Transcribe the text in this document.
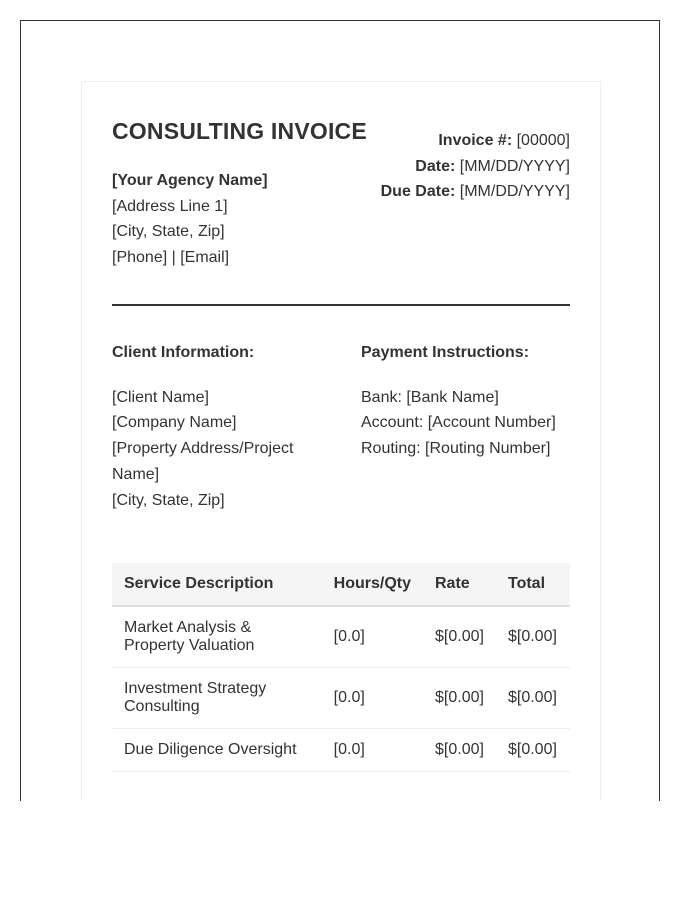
CONSULTING INVOICE
[Your Agency Name]
[Address Line 1]
[City, State, Zip]
[Phone] | [Email]
Invoice #: [00000]
Date: [MM/DD/YYYY]
Due Date: [MM/DD/YYYY]
Client Information:
[Client Name]
[Company Name]
[Property Address/Project Name]
[City, State, Zip]
Payment Instructions:
Bank: [Bank Name]
Account: [Account Number]
Routing: [Routing Number]
Service Description	Hours/Qty	Rate	Total
Market Analysis & Property Valuation	[0.0]	$[0.00]	$[0.00]
Investment Strategy Consulting	[0.0]	$[0.00]	$[0.00]
Due Diligence Oversight	[0.0]	$[0.00]	$[0.00]
